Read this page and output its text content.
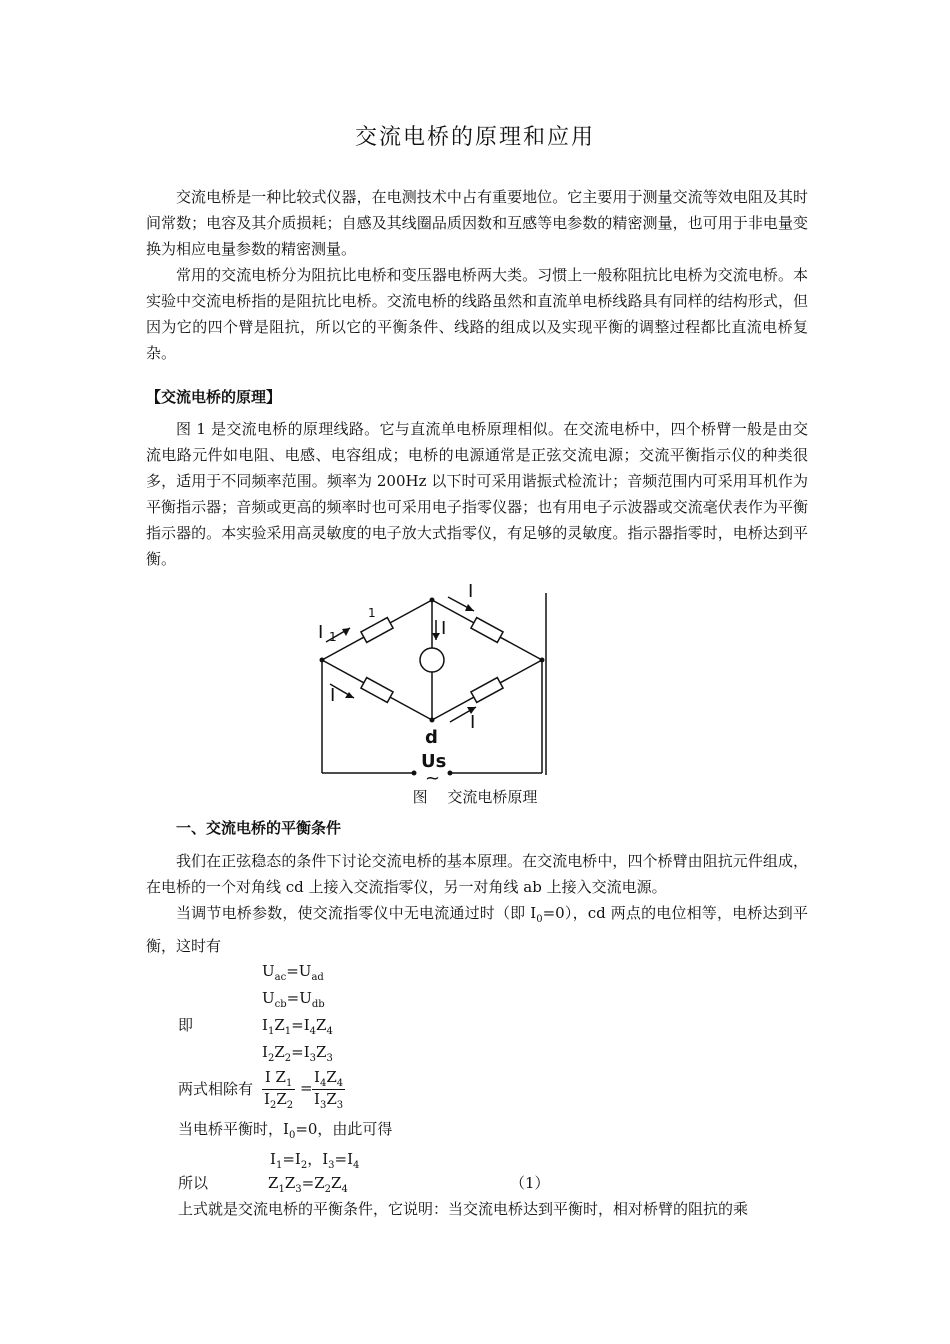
交流电桥的原理和应用

交流电桥是一种比较式仪器，在电测技术中占有重要地位。它主要用于测量交流等效电阻及其时间常数；电容及其介质损耗；自感及其线圈品质因数和互感等电参数的精密测量，也可用于非电量变换为相应电量参数的精密测量。

常用的交流电桥分为阻抗比电桥和变压器电桥两大类。习惯上一般称阻抗比电桥为交流电桥。本实验中交流电桥指的是阻抗比电桥。交流电桥的线路虽然和直流单电桥线路具有同样的结构形式，但因为它的四个臂是阻抗，所以它的平衡条件、线路的组成以及实现平衡的调整过程都比直流电桥复杂。

【交流电桥的原理】

图 1 是交流电桥的原理线路。它与直流单电桥原理相似。在交流电桥中，四个桥臂一般是由交流电路元件如电阻、电感、电容组成；电桥的电源通常是正弦交流电源；交流平衡指示仪的种类很多，适用于不同频率范围。频率为 200Hz 以下时可采用谐振式检流计；音频范围内可采用耳机作为平衡指示器；音频或更高的频率时也可采用电子指零仪器；也有用电子示波器或交流毫伏表作为平衡指示器的。本实验采用高灵敏度的电子放大式指零仪，有足够的灵敏度。指示器指零时，电桥达到平衡。

I 1
1
I
I
I
I
d
Us
~
图　 交流电桥原理

一、交流电桥的平衡条件

我们在正弦稳态的条件下讨论交流电桥的基本原理。在交流电桥中，四个桥臂由阻抗元件组成，在电桥的一个对角线 cd 上接入交流指零仪，另一对角线 ab 上接入交流电源。

当调节电桥参数，使交流指零仪中无电流通过时（即 $I_0=0$），cd 两点的电位相等，电桥达到平衡，这时有

$U_{ac}=U_{ad}$
$U_{cb}=U_{db}$
即	$I_1Z_1=I_4Z_4$
$I_2Z_2=I_3Z_3$
两式相除有 $\frac{I Z_1}{I_2Z_2} = \frac{I_4Z_4}{I_3Z_3}$
当电桥平衡时，$I_0=0$，由此可得
$I_1=I_2$，$I_3=I_4$
所以	$Z_1Z_3=Z_2Z_4$	（1）
上式就是交流电桥的平衡条件，它说明：当交流电桥达到平衡时，相对桥臂的阻抗的乘
